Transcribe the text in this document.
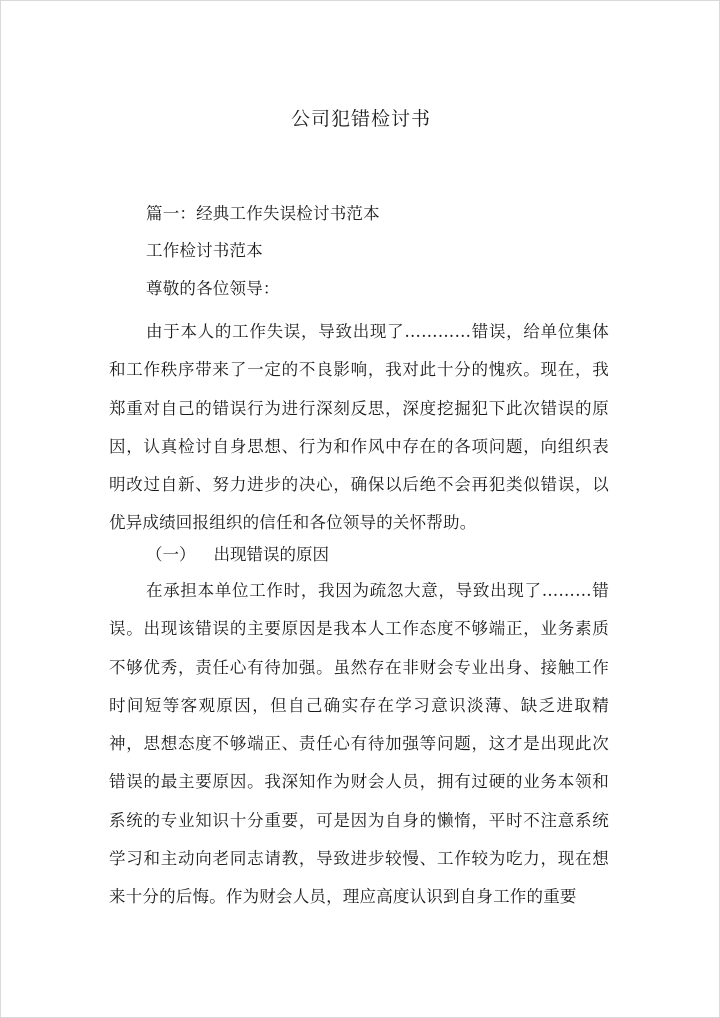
公司犯错检讨书
篇一：经典工作失误检讨书范本
工作检讨书范本
尊敬的各位领导：
由于本人的工作失误，导致出现了…………错误，给单位集体和工作秩序带来了一定的不良影响，我对此十分的愧疚。现在，我郑重对自己的错误行为进行深刻反思，深度挖掘犯下此次错误的原因，认真检讨自身思想、行为和作风中存在的各项问题，向组织表明改过自新、努力进步的决心，确保以后绝不会再犯类似错误，以优异成绩回报组织的信任和各位领导的关怀帮助。
（一） 出现错误的原因
在承担本单位工作时，我因为疏忽大意，导致出现了………错误。出现该错误的主要原因是我本人工作态度不够端正，业务素质不够优秀，责任心有待加强。虽然存在非财会专业出身、接触工作时间短等客观原因，但自己确实存在学习意识淡薄、缺乏进取精神，思想态度不够端正、责任心有待加强等问题，这才是出现此次错误的最主要原因。我深知作为财会人员，拥有过硬的业务本领和系统的专业知识十分重要，可是因为自身的懒惰，平时不注意系统学习和主动向老同志请教，导致进步较慢、工作较为吃力，现在想来十分的后悔。作为财会人员，理应高度认识到自身工作的重要
